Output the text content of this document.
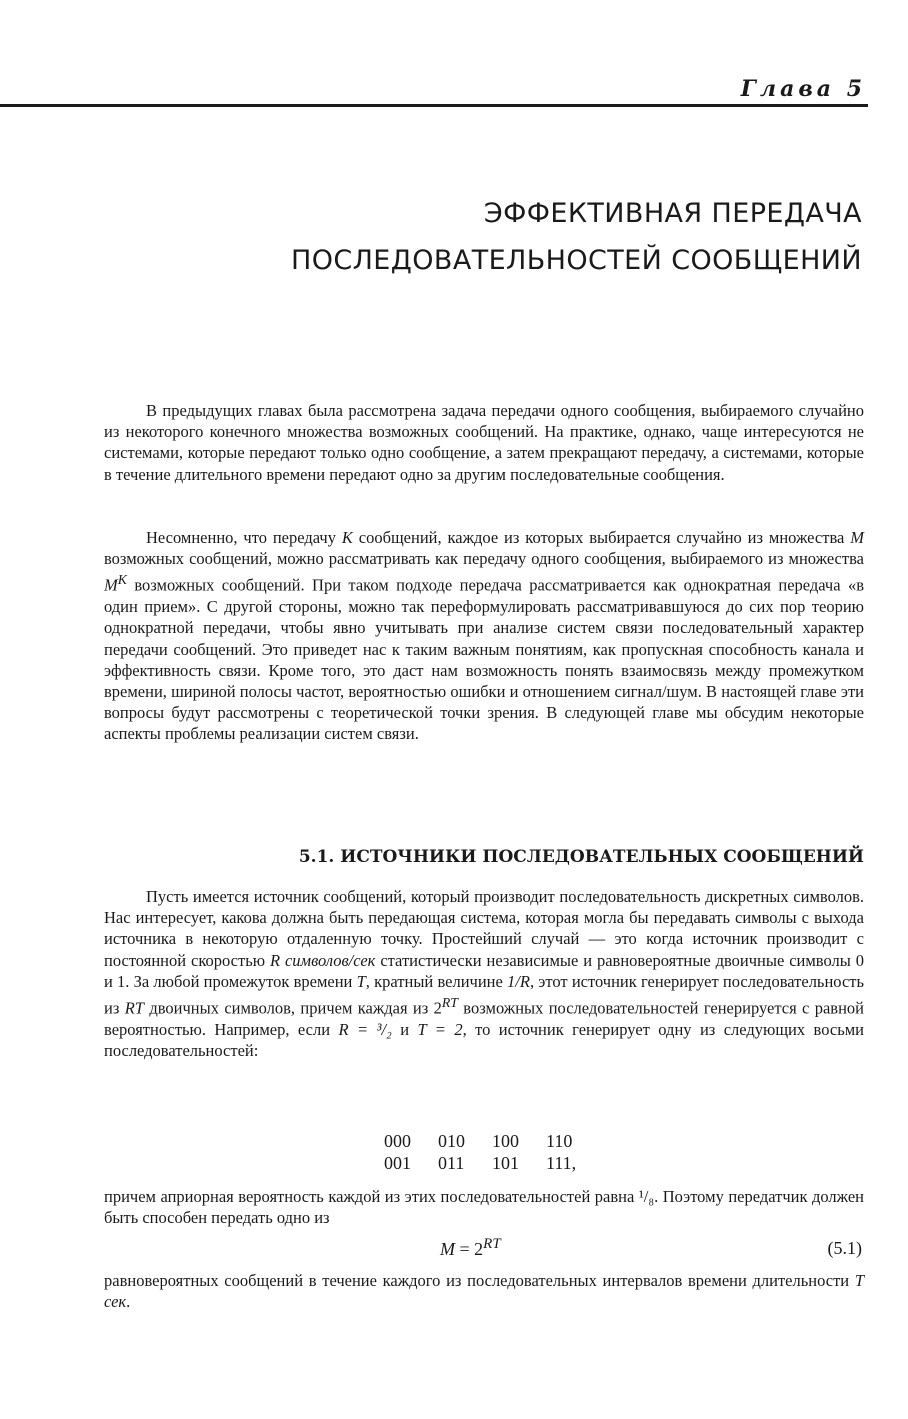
Глава 5
ЭФФЕКТИВНАЯ ПЕРЕДАЧА
ПОСЛЕДОВАТЕЛЬНОСТЕЙ СООБЩЕНИЙ

В предыдущих главах была рассмотрена задача передачи одного сообщения, выбираемого случайно из некоторого конечного множества возможных сообщений. На практике, однако, чаще интересуются не системами, которые передают только одно сообщение, а затем прекращают передачу, а системами, которые в течение длительного времени передают одно за другим последовательные сообщения.

Несомненно, что передачу K сообщений, каждое из которых выбирается случайно из множества M возможных сообщений, можно рассматривать как передачу одного сообщения, выбираемого из множества $M^K$ возможных сообщений. При таком подходе передача рассматривается как однократная передача «в один прием». С другой стороны, можно так переформулировать рассматривавшуюся до сих пор теорию однократной передачи, чтобы явно учитывать при анализе систем связи последовательный характер передачи сообщений. Это приведет нас к таким важным понятиям, как пропускная способность канала и эффективность связи. Кроме того, это даст нам возможность понять взаимосвязь между промежутком времени, шириной полосы частот, вероятностью ошибки и отношением сигнал/шум. В настоящей главе эти вопросы будут рассмотрены с теоретической точки зрения. В следующей главе мы обсудим некоторые аспекты проблемы реализации систем связи.

5.1. ИСТОЧНИКИ ПОСЛЕДОВАТЕЛЬНЫХ СООБЩЕНИЙ

Пусть имеется источник сообщений, который производит последовательность дискретных символов. Нас интересует, какова должна быть передающая система, которая могла бы передавать символы с выхода источника в некоторую отдаленную точку. Простейший случай — это когда источник производит с постоянной скоростью R символов/сек статистически независимые и равновероятные двоичные символы 0 и 1. За любой промежуток времени T, кратный величине 1/R, этот источник генерирует последовательность из RT двоичных символов, причем каждая из $2^{RT}$ возможных последовательностей генерируется с равной вероятностью. Например, если R = ³/₂ и T = 2, то источник генерирует одну из следующих восьми последовательностей:

000 010 100 110
001 011 101 111,

причем априорная вероятность каждой из этих последовательностей равна ¹/₈. Поэтому передатчик должен быть способен передать одно из

$M = 2^{RT}$	(5.1)

равновероятных сообщений в течение каждого из последовательных интервалов времени длительности T сек.
